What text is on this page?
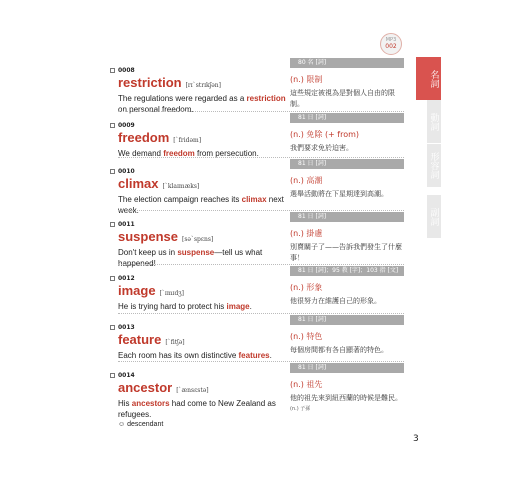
MP3
002
名詞
動詞
形容詞
副詞
0008
restriction [rɪˋstrɪkʃən]
The regulations were regarded as a restriction on personal freedom.
80 名 [詞]
(n.) 限制
這些規定被視為是對個人自由的限制。
0009
freedom [ˋfridəm]
We demand freedom from persecution.
81 日 [詞]
(n.) 免除 (+ from)
我們要求免於迫害。
0010
climax [ˋklaɪmæks]
The election campaign reaches its climax next week.
81 日 [詞]
(n.) 高潮
選舉活動將在下星期達到高潮。
0011
suspense [səˋspɛns]
Don't keep us in suspense—tell us what happened!
81 日 [詞]
(n.) 掛慮
別賣關子了——告訴我們發生了什麼事！
0012
image [ˋɪmɪdʒ]
He is trying hard to protect his image.
81 日 [詞]；95 教 [字]；103 指 [文]
(n.) 形象
他很努力在維護自己的形象。
0013
feature [ˋfitʃə]
Each room has its own distinctive features.
81 日 [詞]
(n.) 特色
每個房間都有各自顯著的特色。
0014
ancestor [ˋænsɛstə]
His ancestors had come to New Zealand as refugees.
☺ descendant
81 日 [詞]
(n.) 祖先
他的祖先來到紐西蘭的時候是難民。
(n.) 子孫
3
